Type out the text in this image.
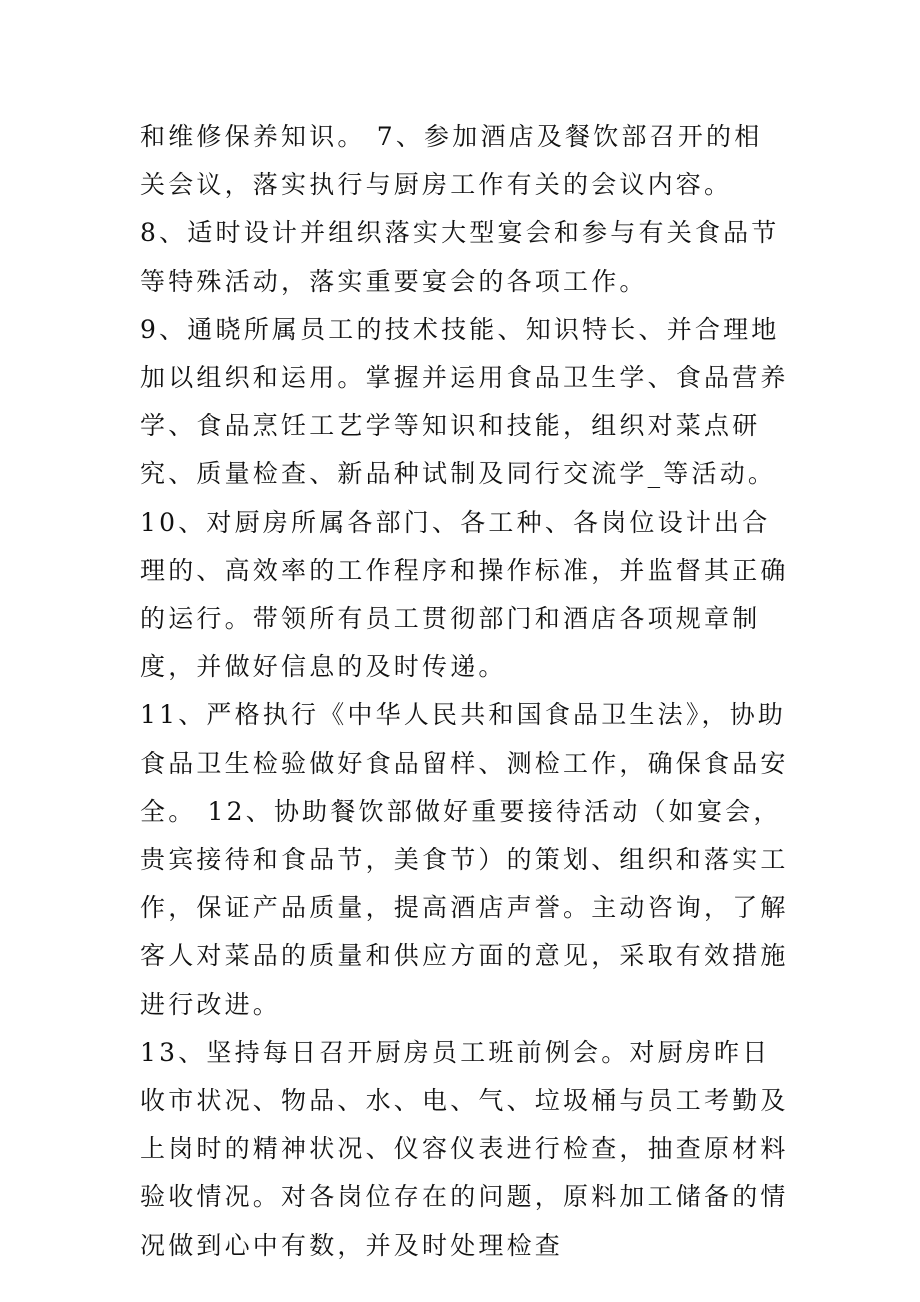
和维修保养知识。 7、参加酒店及餐饮部召开的相关会议，落实执行与厨房工作有关的会议内容。

8、适时设计并组织落实大型宴会和参与有关食品节等特殊活动，落实重要宴会的各项工作。

9、通晓所属员工的技术技能、知识特长、并合理地加以组织和运用。掌握并运用食品卫生学、食品营养学、食品烹饪工艺学等知识和技能，组织对菜点研究、质量检查、新品种试制及同行交流学_等活动。

10、对厨房所属各部门、各工种、各岗位设计出合理的、高效率的工作程序和操作标准，并监督其正确的运行。带领所有员工贯彻部门和酒店各项规章制度，并做好信息的及时传递。

11、严格执行《中华人民共和国食品卫生法》，协助食品卫生检验做好食品留样、测检工作，确保食品安全。 12、协助餐饮部做好重要接待活动（如宴会，贵宾接待和食品节，美食节）的策划、组织和落实工作，保证产品质量，提高酒店声誉。主动咨询，了解客人对菜品的质量和供应方面的意见，采取有效措施进行改进。

13、坚持每日召开厨房员工班前例会。对厨房昨日收市状况、物品、水、电、气、垃圾桶与员工考勤及上岗时的精神状况、仪容仪表进行检查，抽查原材料验收情况。对各岗位存在的问题，原料加工储备的情况做到心中有数，并及时处理检查
